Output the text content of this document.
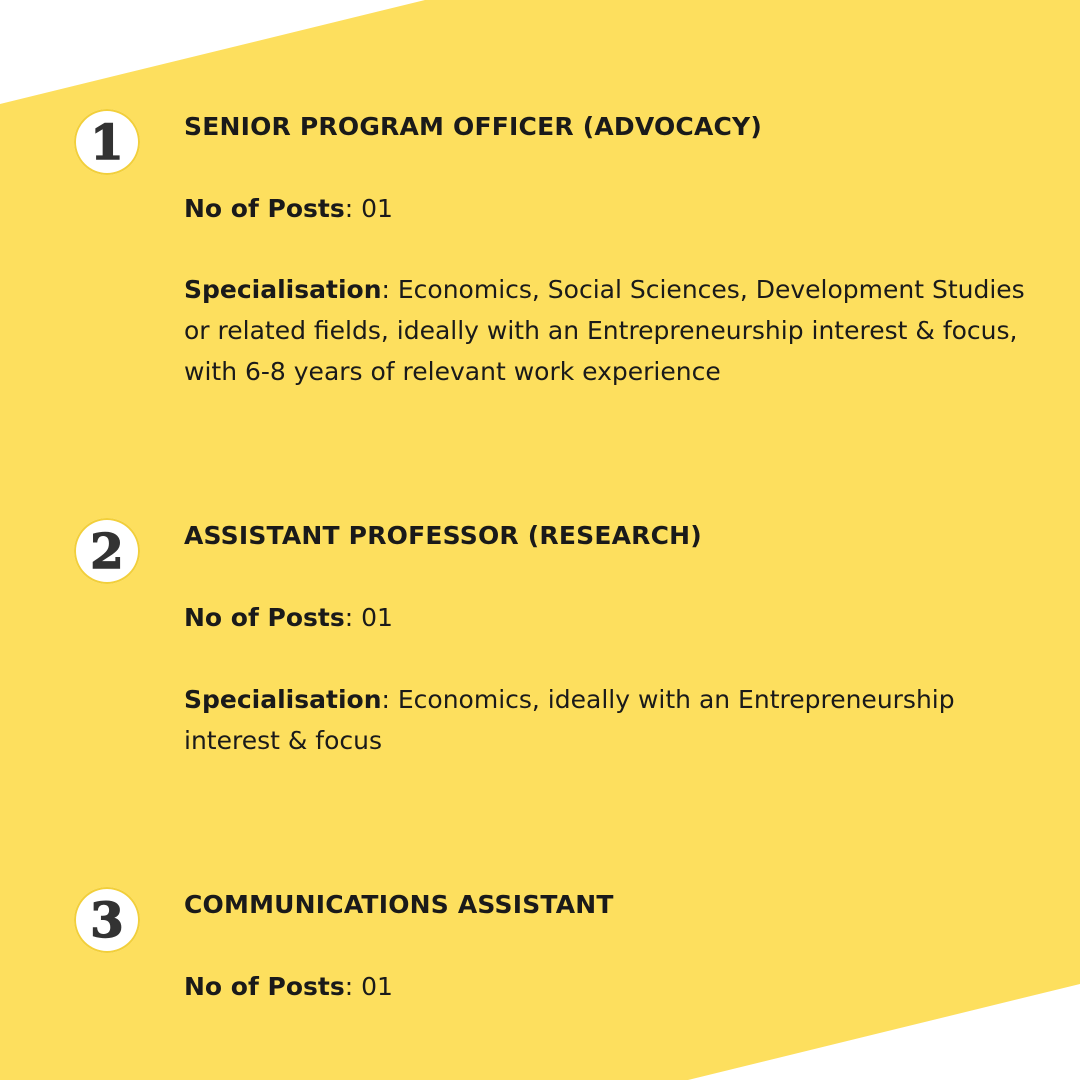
1 SENIOR PROGRAM OFFICER (ADVOCACY)

No of Posts: 01

Specialisation: Economics, Social Sciences, Development Studies or related fields, ideally with an Entrepreneurship interest & focus, with 6-8 years of relevant work experience

2 ASSISTANT PROFESSOR (RESEARCH)

No of Posts: 01

Specialisation: Economics, ideally with an Entrepreneurship interest & focus

3 COMMUNICATIONS ASSISTANT

No of Posts: 01
